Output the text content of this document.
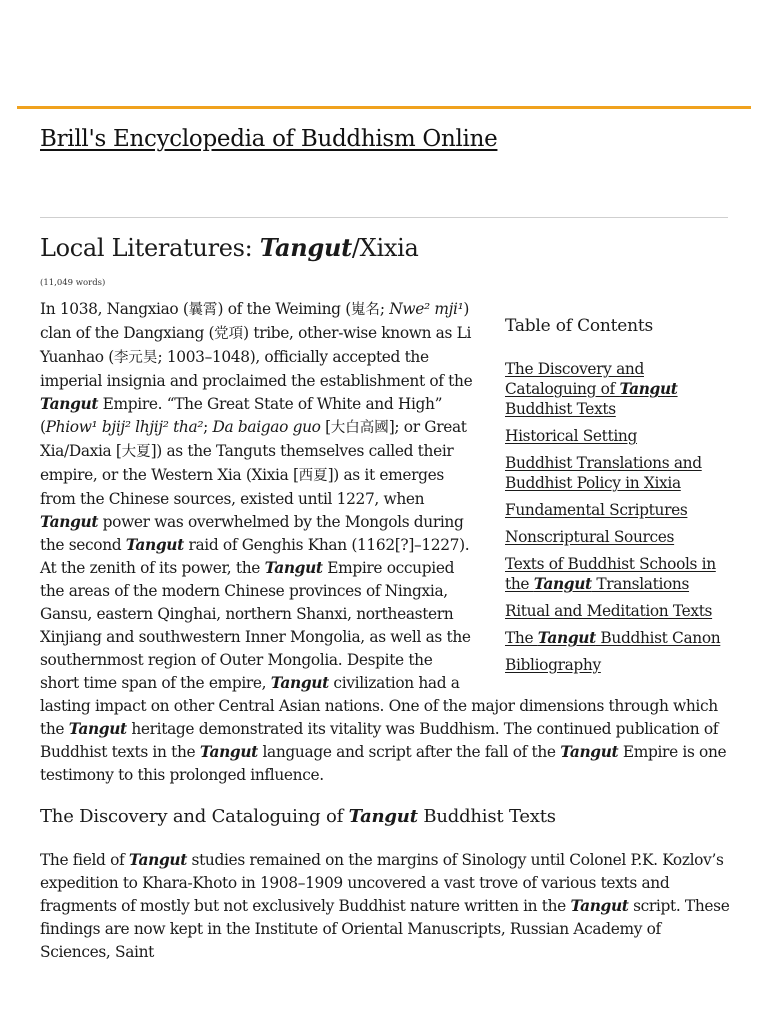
Brill's Encyclopedia of Buddhism Online
Local Literatures: Tangut/Xixia
(11,049 words)
Table of Contents
The Discovery and Cataloguing of Tangut Buddhist Texts
Historical Setting
Buddhist Translations and Buddhist Policy in Xixia
Fundamental Scriptures
Nonscriptural Sources
Texts of Buddhist Schools in the Tangut Translations
Ritual and Meditation Texts
The Tangut Buddhist Canon
Bibliography

In 1038, Nangxiao (曩霄) of the Weiming (嵬名; Nwe² mji¹) clan of the Dangxiang (党項) tribe, other-wise known as Li Yuanhao (李元昊; 1003–1048), officially accepted the imperial insignia and proclaimed the establishment of the Tangut Empire. “The Great State of White and High” (Phiow¹ bjij² lhjij² tha²; Da baigao guo [大白高國]; or Great Xia/Daxia [大夏]) as the Tanguts themselves called their empire, or the Western Xia (Xixia [西夏]) as it emerges from the Chinese sources, existed until 1227, when Tangut power was overwhelmed by the Mongols during the second Tangut raid of Genghis Khan (1162[?]–1227). At the zenith of its power, the Tangut Empire occupied the areas of the modern Chinese provinces of Ningxia, Gansu, eastern Qinghai, northern Shanxi, northeastern Xinjiang and southwestern Inner Mongolia, as well as the southernmost region of Outer Mongolia. Despite the short time span of the empire, Tangut civilization had a lasting impact on other Central Asian nations. One of the major dimensions through which the Tangut heritage demonstrated its vitality was Buddhism. The continued publication of Buddhist texts in the Tangut language and script after the fall of the Tangut Empire is one testimony to this prolonged influence.

The Discovery and Cataloguing of Tangut Buddhist Texts

The field of Tangut studies remained on the margins of Sinology until Colonel P.K. Kozlov’s expedition to Khara-Khoto in 1908–1909 uncovered a vast trove of various texts and fragments of mostly but not exclusively Buddhist nature written in the Tangut script. These findings are now kept in the Institute of Oriental Manuscripts, Russian Academy of Sciences, Saint
